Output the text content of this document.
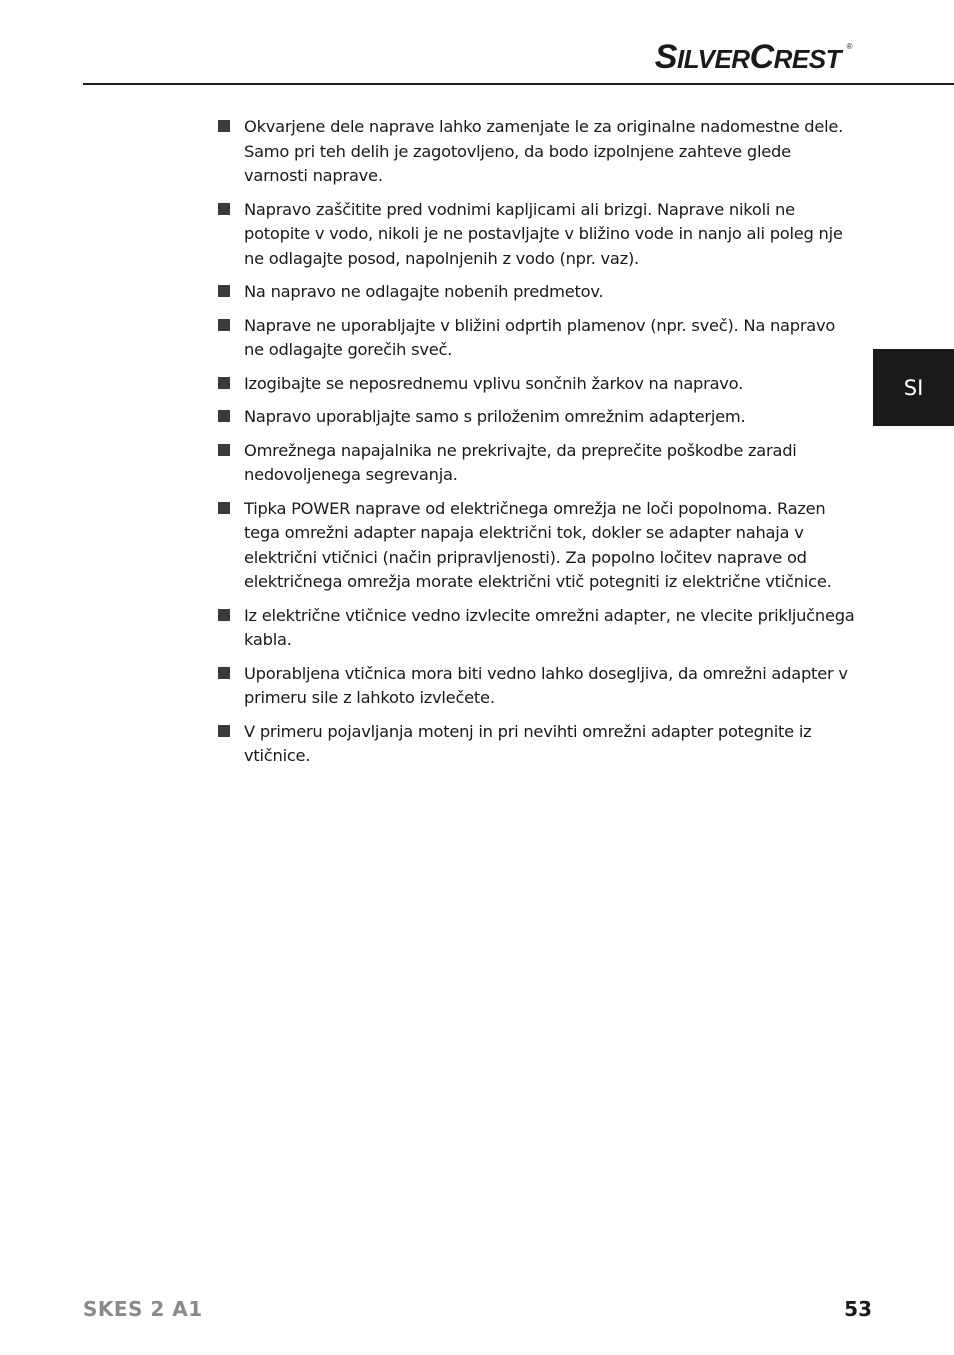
SILVERCREST ®
SI
Okvarjene dele naprave lahko zamenjate le za originalne nadomestne dele. Samo pri teh delih je zagotovljeno, da bodo izpolnjene zahteve glede varnosti naprave.
Napravo zaščitite pred vodnimi kapljicami ali brizgi. Naprave nikoli ne potopite v vodo, nikoli je ne postavljajte v bližino vode in nanjo ali poleg nje ne odlagajte posod, napolnjenih z vodo (npr. vaz).
Na napravo ne odlagajte nobenih predmetov.
Naprave ne uporabljajte v bližini odprtih plamenov (npr. sveč). Na napravo ne odlagajte gorečih sveč.
Izogibajte se neposrednemu vplivu sončnih žarkov na napravo.
Napravo uporabljajte samo s priloženim omrežnim adapterjem.
Omrežnega napajalnika ne prekrivajte, da preprečite poškodbe zaradi nedovoljenega segrevanja.
Tipka POWER naprave od električnega omrežja ne loči popolnoma. Razen tega omrežni adapter napaja električni tok, dokler se adapter nahaja v električni vtičnici (način pripravljenosti). Za popolno ločitev naprave od električnega omrežja morate električni vtič potegniti iz električne vtičnice.
Iz električne vtičnice vedno izvlecite omrežni adapter, ne vlecite priključnega kabla.
Uporabljena vtičnica mora biti vedno lahko dosegljiva, da omrežni adapter v primeru sile z lahkoto izvlečete.
V primeru pojavljanja motenj in pri nevihti omrežni adapter potegnite iz vtičnice.
SKES 2 A1	53
